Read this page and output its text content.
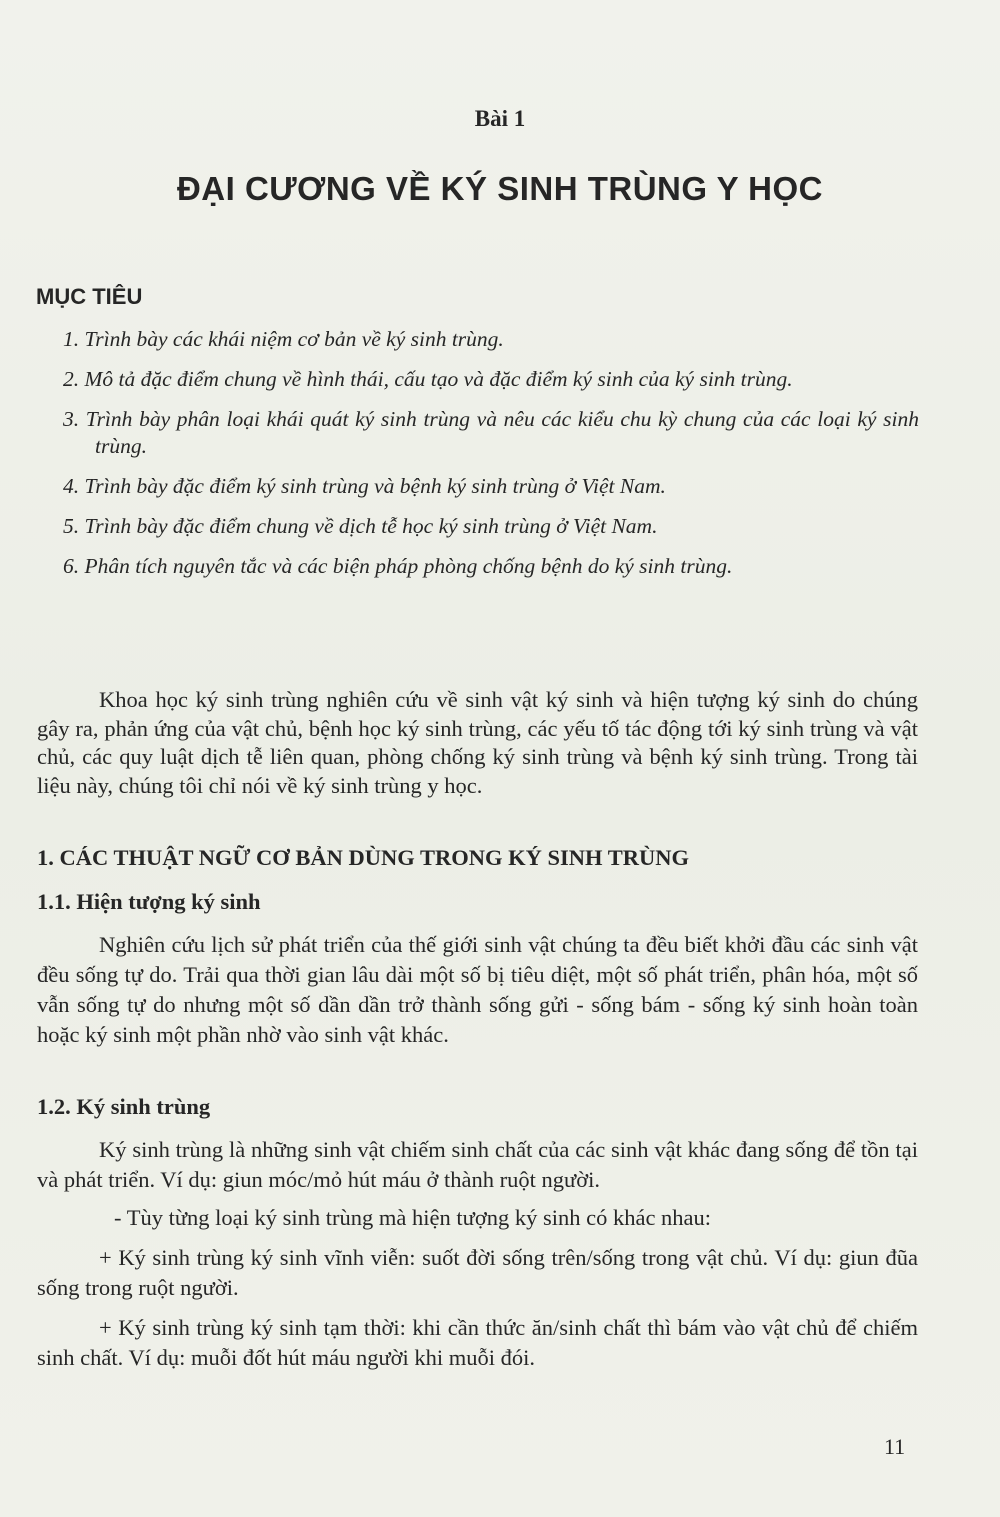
Bài 1
ĐẠI CƯƠNG VỀ KÝ SINH TRÙNG Y HỌC
MỤC TIÊU
1. Trình bày các khái niệm cơ bản về ký sinh trùng.
2. Mô tả đặc điểm chung về hình thái, cấu tạo và đặc điểm ký sinh của ký sinh trùng.
3. Trình bày phân loại khái quát ký sinh trùng và nêu các kiểu chu kỳ chung của các loại ký sinh trùng.
4. Trình bày đặc điểm ký sinh trùng và bệnh ký sinh trùng ở Việt Nam.
5. Trình bày đặc điểm chung về dịch tễ học ký sinh trùng ở Việt Nam.
6. Phân tích nguyên tắc và các biện pháp phòng chống bệnh do ký sinh trùng.

Khoa học ký sinh trùng nghiên cứu về sinh vật ký sinh và hiện tượng ký sinh do chúng gây ra, phản ứng của vật chủ, bệnh học ký sinh trùng, các yếu tố tác động tới ký sinh trùng và vật chủ, các quy luật dịch tễ liên quan, phòng chống ký sinh trùng và bệnh ký sinh trùng. Trong tài liệu này, chúng tôi chỉ nói về ký sinh trùng y học.

1. CÁC THUẬT NGỮ CƠ BẢN DÙNG TRONG KÝ SINH TRÙNG
1.1. Hiện tượng ký sinh

Nghiên cứu lịch sử phát triển của thế giới sinh vật chúng ta đều biết khởi đầu các sinh vật đều sống tự do. Trải qua thời gian lâu dài một số bị tiêu diệt, một số phát triển, phân hóa, một số vẫn sống tự do nhưng một số dần dần trở thành sống gửi - sống bám - sống ký sinh hoàn toàn hoặc ký sinh một phần nhờ vào sinh vật khác.

1.2. Ký sinh trùng

Ký sinh trùng là những sinh vật chiếm sinh chất của các sinh vật khác đang sống để tồn tại và phát triển. Ví dụ: giun móc/mỏ hút máu ở thành ruột người.

- Tùy từng loại ký sinh trùng mà hiện tượng ký sinh có khác nhau:

+ Ký sinh trùng ký sinh vĩnh viễn: suốt đời sống trên/sống trong vật chủ. Ví dụ: giun đũa sống trong ruột người.

+ Ký sinh trùng ký sinh tạm thời: khi cần thức ăn/sinh chất thì bám vào vật chủ để chiếm sinh chất. Ví dụ: muỗi đốt hút máu người khi muỗi đói.

11
